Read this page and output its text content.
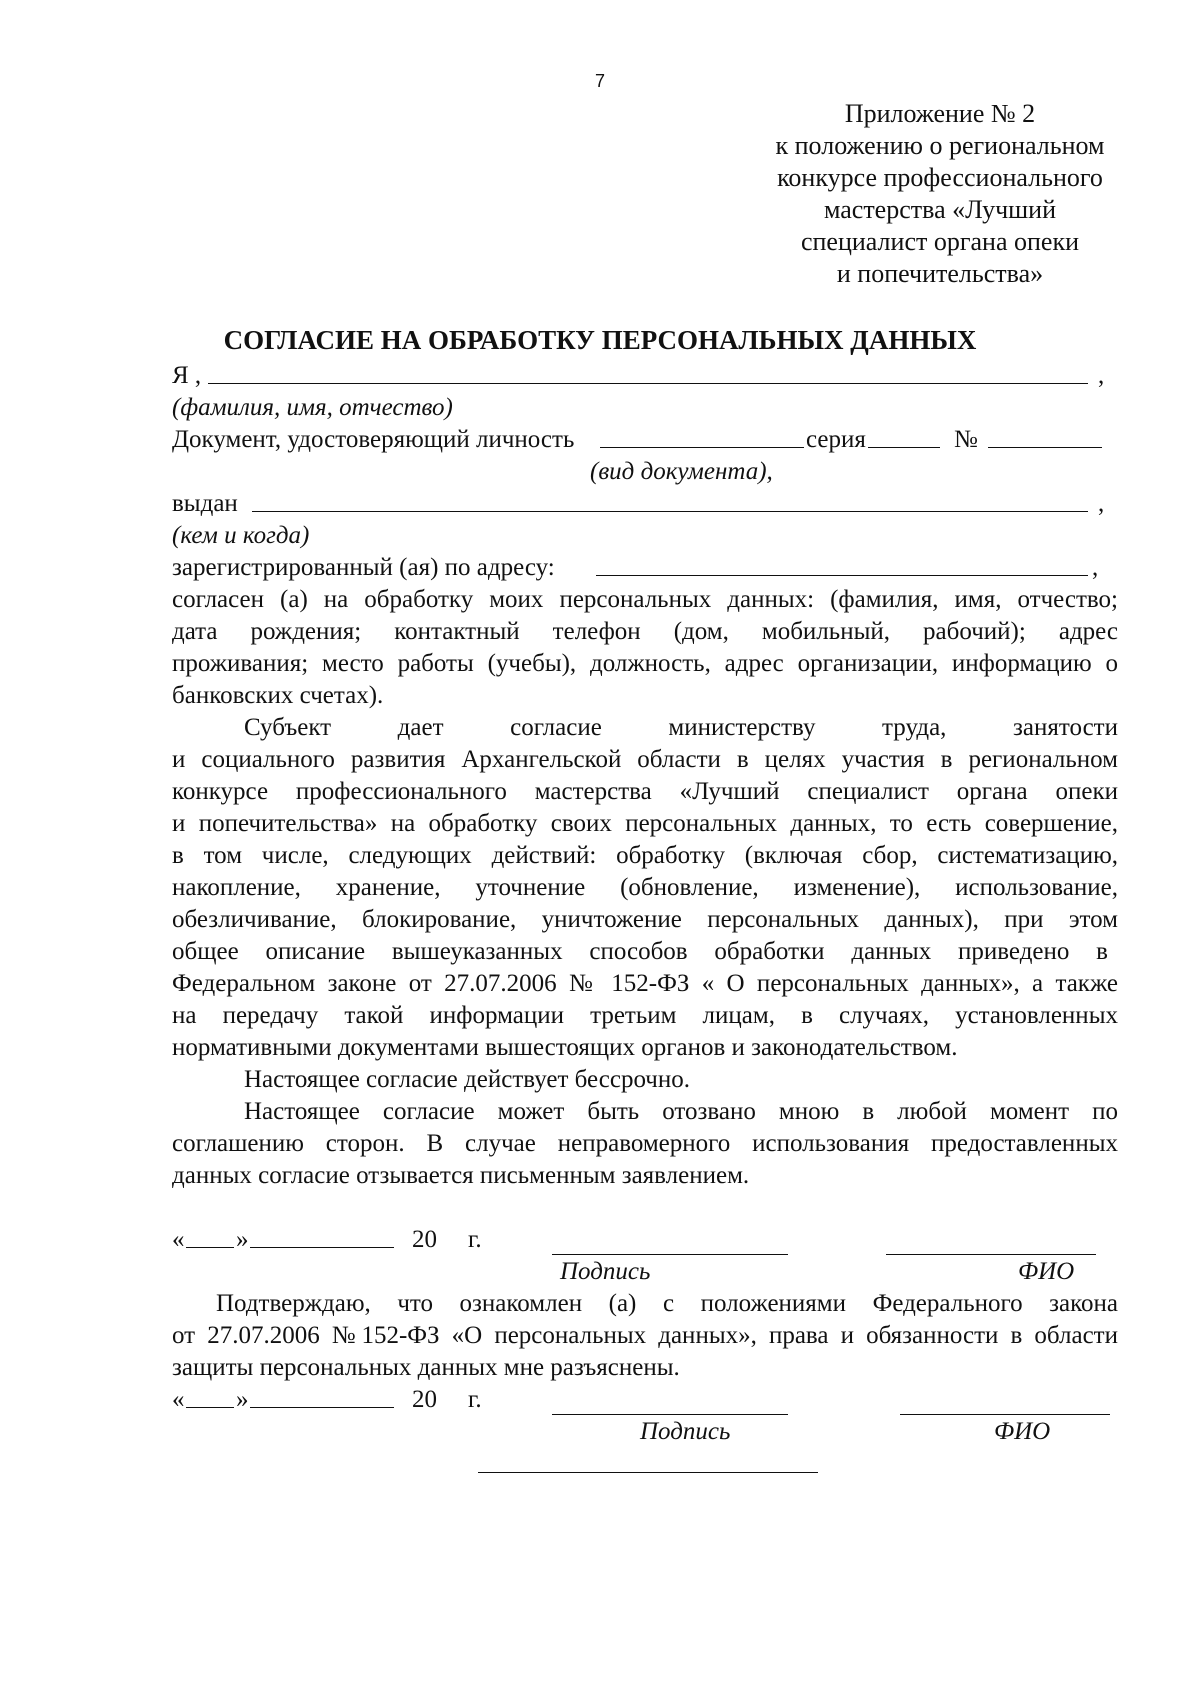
7
Приложение № 2
к положению о региональном
конкурсе профессионального
мастерства «Лучший
специалист органа опеки
и попечительства»
СОГЛАСИЕ НА ОБРАБОТКУ ПЕРСОНАЛЬНЫХ ДАННЫХ
Я ,	,
(фамилия, имя, отчество)
Документ, удостоверяющий личность	серия	№
(вид документа),
выдан	,
(кем и когда)
зарегистрированный (ая) по адресу:	,
согласен (а) на обработку моих персональных данных: (фамилия, имя, отчество;
дата рождения; контактный телефон (дом, мобильный, рабочий); адрес
проживания; место работы (учебы), должность, адрес организации, информацию о
банковских счетах).
Субъект дает согласие министерству труда, занятости
и социального развития Архангельской области в целях участия в региональном
конкурсе профессионального мастерства «Лучший специалист органа опеки
и попечительства» на обработку своих персональных данных, то есть совершение,
в том числе, следующих действий: обработку (включая сбор, систематизацию,
накопление, хранение, уточнение (обновление, изменение), использование,
обезличивание, блокирование, уничтожение персональных данных), при этом
общее описание вышеуказанных способов обработки данных приведено в
Федеральном законе от 27.07.2006 № 152-ФЗ « О персональных данных», а также
на передачу такой информации третьим лицам, в случаях, установленных
нормативными документами вышестоящих органов и законодательством.
Настоящее согласие действует бессрочно.
Настоящее согласие может быть отозвано мною в любой момент по
соглашению сторон. В случае неправомерного использования предоставленных
данных согласие отзывается письменным заявлением.
« »	20 г.
Подпись	ФИО
Подтверждаю, что ознакомлен (а) с положениями Федерального закона
от 27.07.2006 №152-ФЗ «О персональных данных», права и обязанности в области
защиты персональных данных мне разъяснены.
« »	20 г.
Подпись	ФИО
